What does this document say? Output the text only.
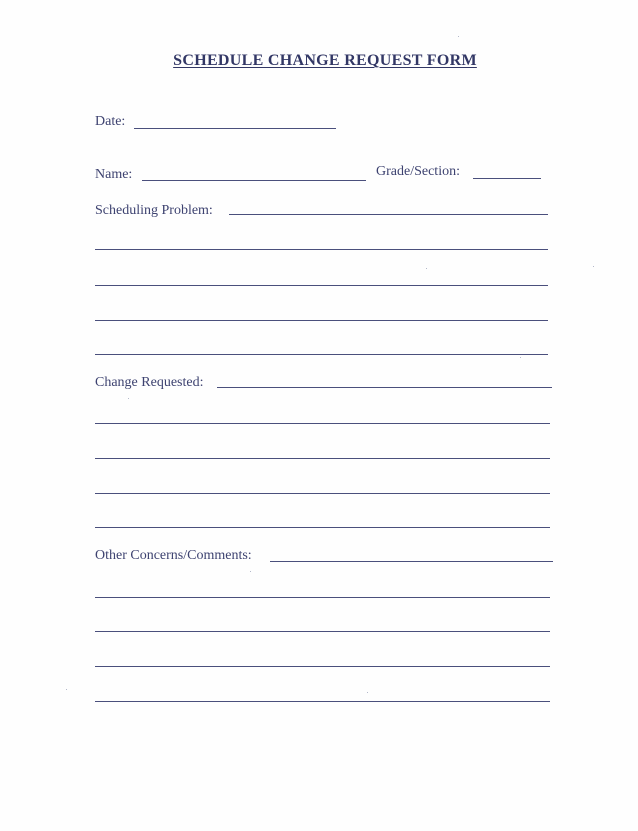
SCHEDULE CHANGE REQUEST FORM
Date:
Name:	Grade/Section:
Scheduling Problem:
Change Requested:
Other Concerns/Comments:
